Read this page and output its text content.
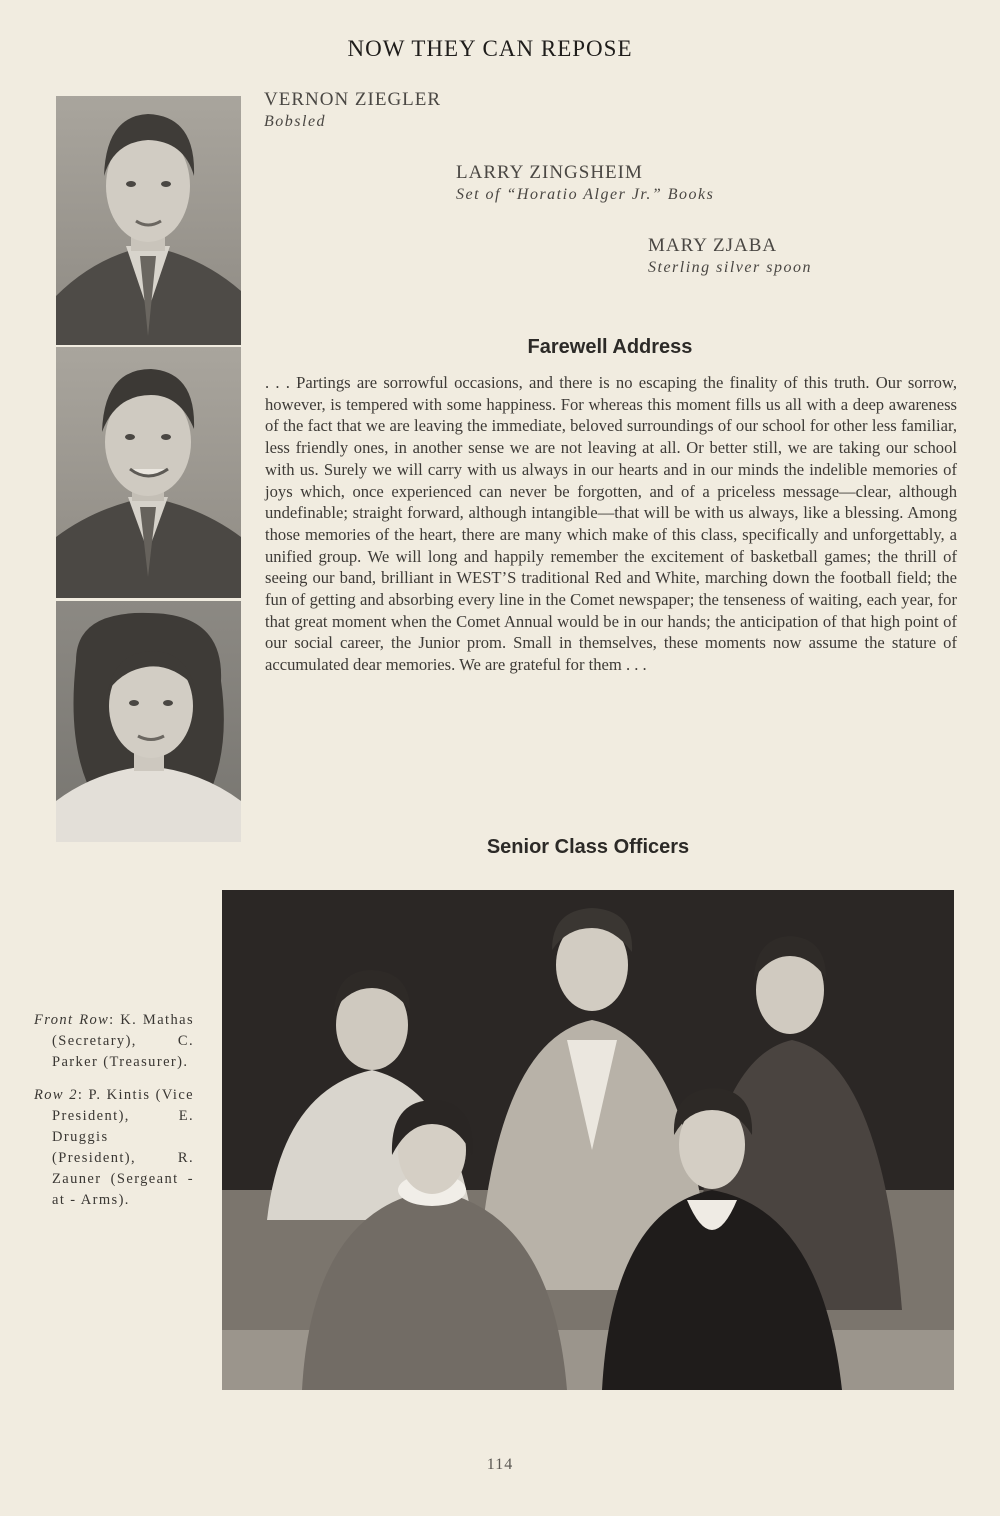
NOW THEY CAN REPOSE
VERNON ZIEGLER
Bobsled
LARRY ZINGSHEIM
Set of “Horatio Alger Jr.” Books
MARY ZJABA
Sterling silver spoon
Farewell Address
. . . Partings are sorrowful occasions, and there is no escaping the finality of this truth. Our sorrow, however, is tempered with some happiness. For whereas this moment fills us all with a deep awareness of the fact that we are leaving the immediate, beloved surroundings of our school for other less familiar, less friendly ones, in another sense we are not leaving at all. Or better still, we are taking our school with us. Surely we will carry with us always in our hearts and in our minds the indelible memories of joys which, once experienced can never be forgotten, and of a priceless message—clear, although undefinable; straight forward, although intangible—that will be with us always, like a blessing. Among those memories of the heart, there are many which make of this class, specifically and unforgettably, a unified group. We will long and happily remember the excitement of basketball games; the thrill of seeing our band, brilliant in WEST’S traditional Red and White, marching down the football field; the fun of getting and absorbing every line in the Comet newspaper; the tenseness of waiting, each year, for that great moment when the Comet Annual would be in our hands; the anticipation of that high point of our social career, the Junior prom. Small in themselves, these moments now assume the stature of accumulated dear memories. We are grateful for them . . .
Senior Class Officers

Front Row: K. Mathas (Secretary), C. Parker (Treasurer).

Row 2: P. Kintis (Vice President), E. Druggis (President), R. Zauner (Sergeant - at - Arms).

114
